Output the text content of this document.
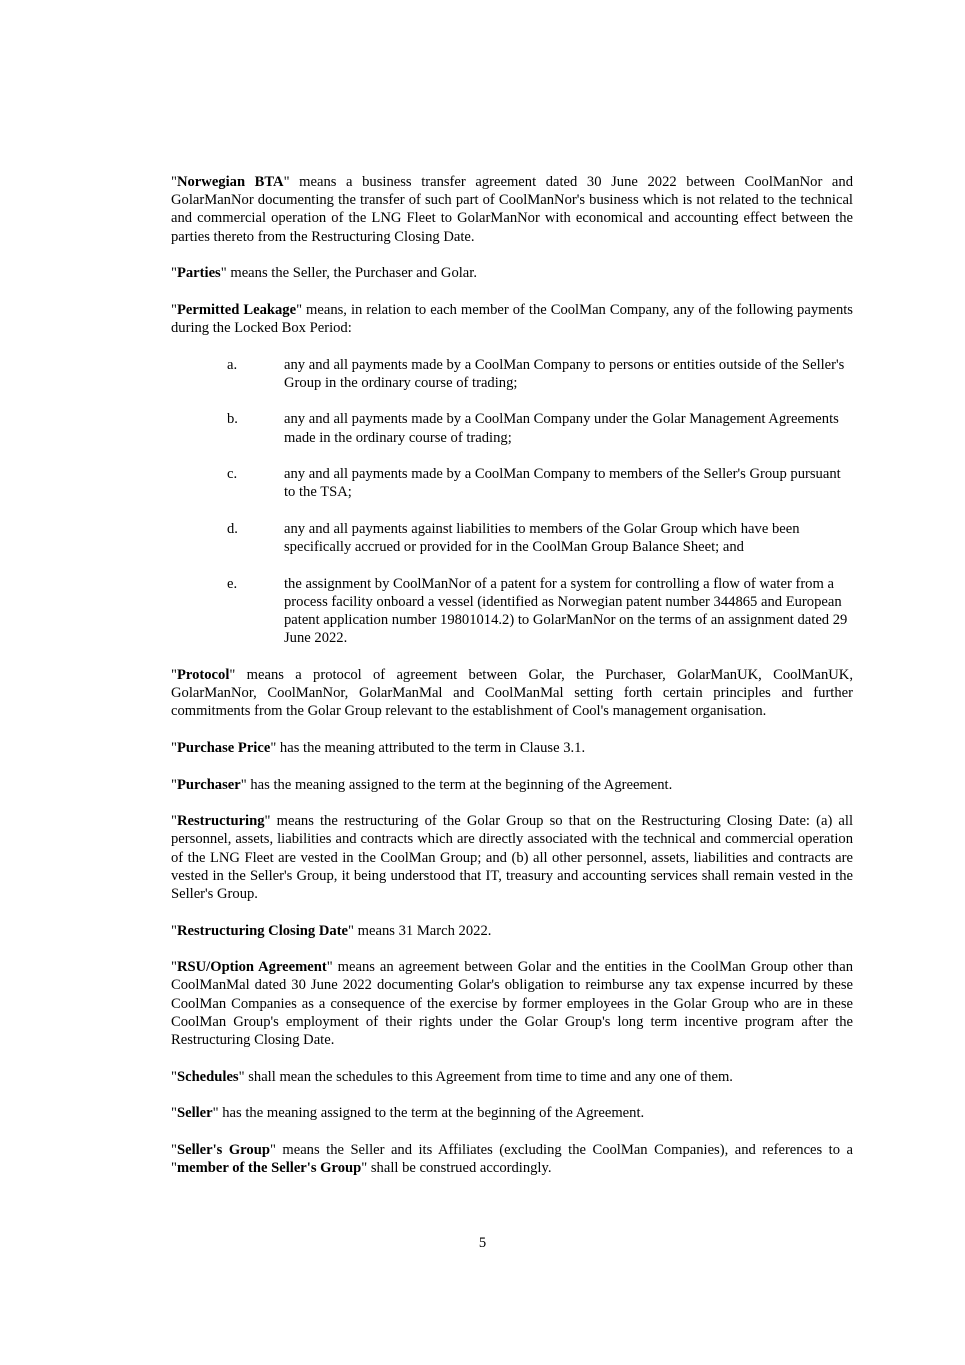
"Norwegian BTA" means a business transfer agreement dated 30 June 2022 between CoolManNor and GolarManNor documenting the transfer of such part of CoolManNor's business which is not related to the technical and commercial operation of the LNG Fleet to GolarManNor with economical and accounting effect between the parties thereto from the Restructuring Closing Date.

"Parties" means the Seller, the Purchaser and Golar.

"Permitted Leakage" means, in relation to each member of the CoolMan Company, any of the following payments during the Locked Box Period:

a.	any and all payments made by a CoolMan Company to persons or entities outside of the Seller's Group in the ordinary course of trading;
b.	any and all payments made by a CoolMan Company under the Golar Management Agreements made in the ordinary course of trading;
c.	any and all payments made by a CoolMan Company to members of the Seller's Group pursuant to the TSA;
d.	any and all payments against liabilities to members of the Golar Group which have been specifically accrued or provided for in the CoolMan Group Balance Sheet; and
e.	the assignment by CoolManNor of a patent for a system for controlling a flow of water from a process facility onboard a vessel (identified as Norwegian patent number 344865 and European patent application number 19801014.2) to GolarManNor on the terms of an assignment dated 29 June 2022.

"Protocol" means a protocol of agreement between Golar, the Purchaser, GolarManUK, CoolManUK, GolarManNor, CoolManNor, GolarManMal and CoolManMal setting forth certain principles and further commitments from the Golar Group relevant to the establishment of Cool's management organisation.

"Purchase Price" has the meaning attributed to the term in Clause 3.1.

"Purchaser" has the meaning assigned to the term at the beginning of the Agreement.

"Restructuring" means the restructuring of the Golar Group so that on the Restructuring Closing Date: (a) all personnel, assets, liabilities and contracts which are directly associated with the technical and commercial operation of the LNG Fleet are vested in the CoolMan Group; and (b) all other personnel, assets, liabilities and contracts are vested in the Seller's Group, it being understood that IT, treasury and accounting services shall remain vested in the Seller's Group.

"Restructuring Closing Date" means 31 March 2022.

"RSU/Option Agreement" means an agreement between Golar and the entities in the CoolMan Group other than CoolManMal dated 30 June 2022 documenting Golar's obligation to reimburse any tax expense incurred by these CoolMan Companies as a consequence of the exercise by former employees in the Golar Group who are in these CoolMan Group's employment of their rights under the Golar Group's long term incentive program after the Restructuring Closing Date.

"Schedules" shall mean the schedules to this Agreement from time to time and any one of them.

"Seller" has the meaning assigned to the term at the beginning of the Agreement.

"Seller's Group" means the Seller and its Affiliates (excluding the CoolMan Companies), and references to a "member of the Seller's Group" shall be construed accordingly.

5
